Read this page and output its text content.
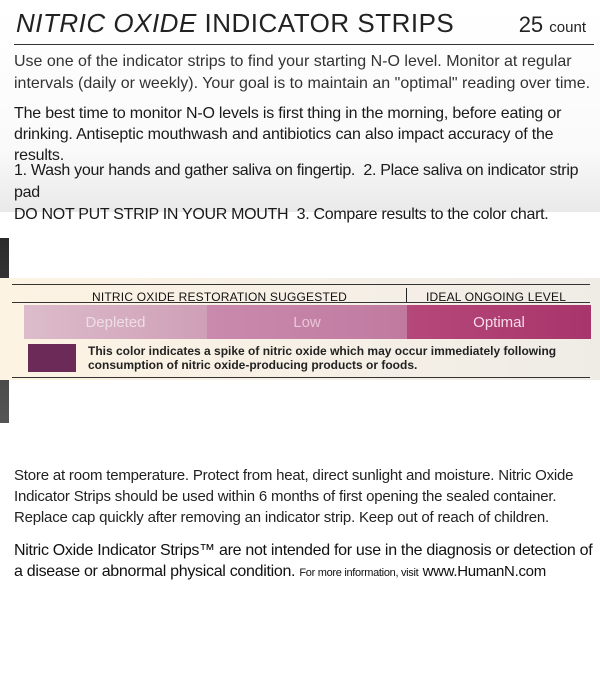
NITRIC OXIDE INDICATOR STRIPS	25 count

Use one of the indicator strips to find your starting N-O level. Monitor at regular intervals (daily or weekly). Your goal is to maintain an "optimal" reading over time.

The best time to monitor N-O levels is first thing in the morning, before eating or drinking. Antiseptic mouthwash and antibiotics can also impact accuracy of the results.

1. Wash your hands and gather saliva on fingertip. 2. Place saliva on indicator strip pad
DO NOT PUT STRIP IN YOUR MOUTH 3. Compare results to the color chart.

NITRIC OXIDE RESTORATION SUGGESTED	IDEAL ONGOING LEVEL
Depleted	Low	Optimal
This color indicates a spike of nitric oxide which may occur immediately following consumption of nitric oxide-producing products or foods.

Store at room temperature. Protect from heat, direct sunlight and moisture. Nitric Oxide Indicator Strips should be used within 6 months of first opening the sealed container. Replace cap quickly after removing an indicator strip. Keep out of reach of children.

Nitric Oxide Indicator Strips™ are not intended for use in the diagnosis or detection of a disease or abnormal physical condition. For more information, visit www.HumanN.com
